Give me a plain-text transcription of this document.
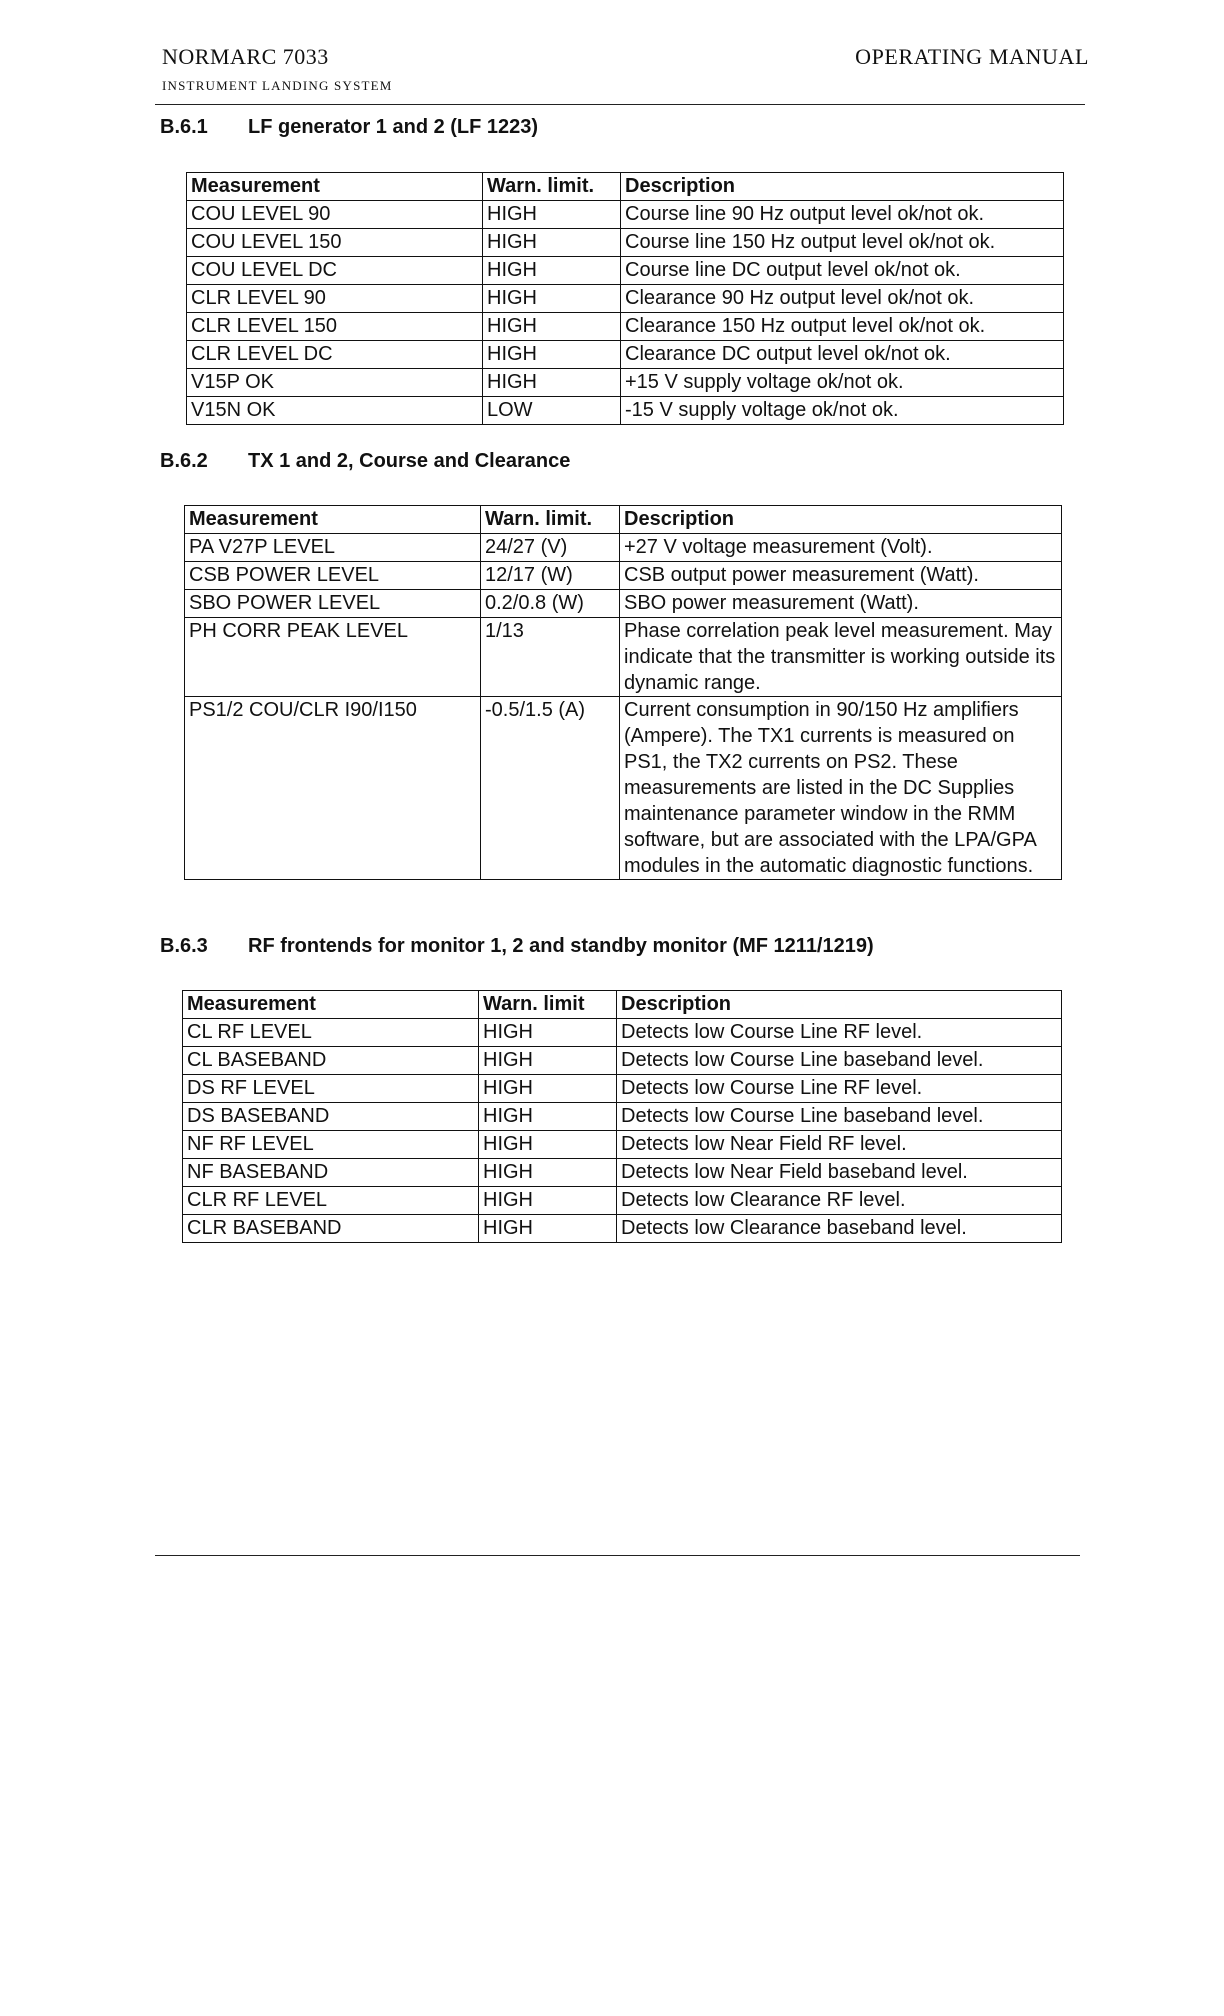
NORMARC 7033
INSTRUMENT LANDING SYSTEM
OPERATING MANUAL
B.6.1 LF generator 1 and 2 (LF 1223)
Measurement	Warn. limit.	Description
COU LEVEL 90	HIGH	Course line 90 Hz output level ok/not ok.
COU LEVEL 150	HIGH	Course line 150 Hz output level ok/not ok.
COU LEVEL DC	HIGH	Course line DC output level ok/not ok.
CLR LEVEL 90	HIGH	Clearance 90 Hz output level ok/not ok.
CLR LEVEL 150	HIGH	Clearance 150 Hz output level ok/not ok.
CLR LEVEL DC	HIGH	Clearance DC output level ok/not ok.
V15P OK	HIGH	+15 V supply voltage ok/not ok.
V15N OK	LOW	-15 V supply voltage ok/not ok.
B.6.2 TX 1 and 2, Course and Clearance
Measurement	Warn. limit.	Description
PA V27P LEVEL	24/27 (V)	+27 V voltage measurement (Volt).
CSB POWER LEVEL	12/17 (W)	CSB output power measurement (Watt).
SBO POWER LEVEL	0.2/0.8 (W)	SBO power measurement (Watt).
PH CORR PEAK LEVEL	1/13	Phase correlation peak level measurement. May indicate that the transmitter is working outside its dynamic range.
PS1/2 COU/CLR I90/I150	-0.5/1.5 (A)	Current consumption in 90/150 Hz amplifiers (Ampere). The TX1 currents is measured on PS1, the TX2 currents on PS2. These measurements are listed in the DC Supplies maintenance parameter window in the RMM software, but are associated with the LPA/GPA modules in the automatic diagnostic functions.
B.6.3 RF frontends for monitor 1, 2 and standby monitor (MF 1211/1219)
Measurement	Warn. limit	Description
CL RF LEVEL	HIGH	Detects low Course Line RF level.
CL BASEBAND	HIGH	Detects low Course Line baseband level.
DS RF LEVEL	HIGH	Detects low Course Line RF level.
DS BASEBAND	HIGH	Detects low Course Line baseband level.
NF RF LEVEL	HIGH	Detects low Near Field RF level.
NF BASEBAND	HIGH	Detects low Near Field baseband level.
CLR RF LEVEL	HIGH	Detects low Clearance RF level.
CLR BASEBAND	HIGH	Detects low Clearance baseband level.
